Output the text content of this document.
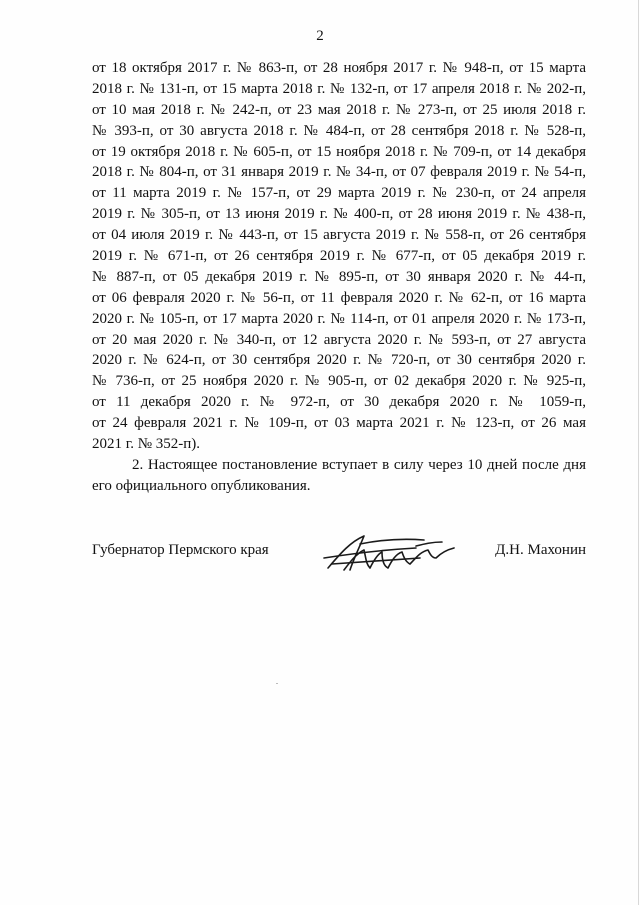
2
от 18 октября 2017 г. № 863-п, от 28 ноября 2017 г. № 948-п, от 15 марта
2018 г. № 131-п, от 15 марта 2018 г. № 132-п, от 17 апреля 2018 г. № 202-п,
от 10 мая 2018 г. № 242-п, от 23 мая 2018 г. № 273-п, от 25 июля 2018 г.
№ 393-п, от 30 августа 2018 г. № 484-п, от 28 сентября 2018 г. № 528-п,
от 19 октября 2018 г. № 605-п, от 15 ноября 2018 г. № 709-п, от 14 декабря
2018 г. № 804-п, от 31 января 2019 г. № 34-п, от 07 февраля 2019 г. № 54-п,
от 11 марта 2019 г. № 157-п, от 29 марта 2019 г. № 230-п, от 24 апреля
2019 г. № 305-п, от 13 июня 2019 г. № 400-п, от 28 июня 2019 г. № 438-п,
от 04 июля 2019 г. № 443-п, от 15 августа 2019 г. № 558-п, от 26 сентября
2019 г. № 671-п, от 26 сентября 2019 г. № 677-п, от 05 декабря 2019 г.
№ 887-п, от 05 декабря 2019 г. № 895-п, от 30 января 2020 г. № 44-п,
от 06 февраля 2020 г. № 56-п, от 11 февраля 2020 г. № 62-п, от 16 марта
2020 г. № 105-п, от 17 марта 2020 г. № 114-п, от 01 апреля 2020 г. № 173-п,
от 20 мая 2020 г. № 340-п, от 12 августа 2020 г. № 593-п, от 27 августа
2020 г. № 624-п, от 30 сентября 2020 г. № 720-п, от 30 сентября 2020 г.
№ 736-п, от 25 ноября 2020 г. № 905-п, от 02 декабря 2020 г. № 925-п,
от 11 декабря 2020 г. № 972-п, от 30 декабря 2020 г. № 1059-п,
от 24 февраля 2021 г. № 109-п, от 03 марта 2021 г. № 123-п, от 26 мая
2021 г. № 352-п).
2. Настоящее постановление вступает в силу через 10 дней после дня
его официального опубликования.
Губернатор Пермского края	Д.Н. Махонин
